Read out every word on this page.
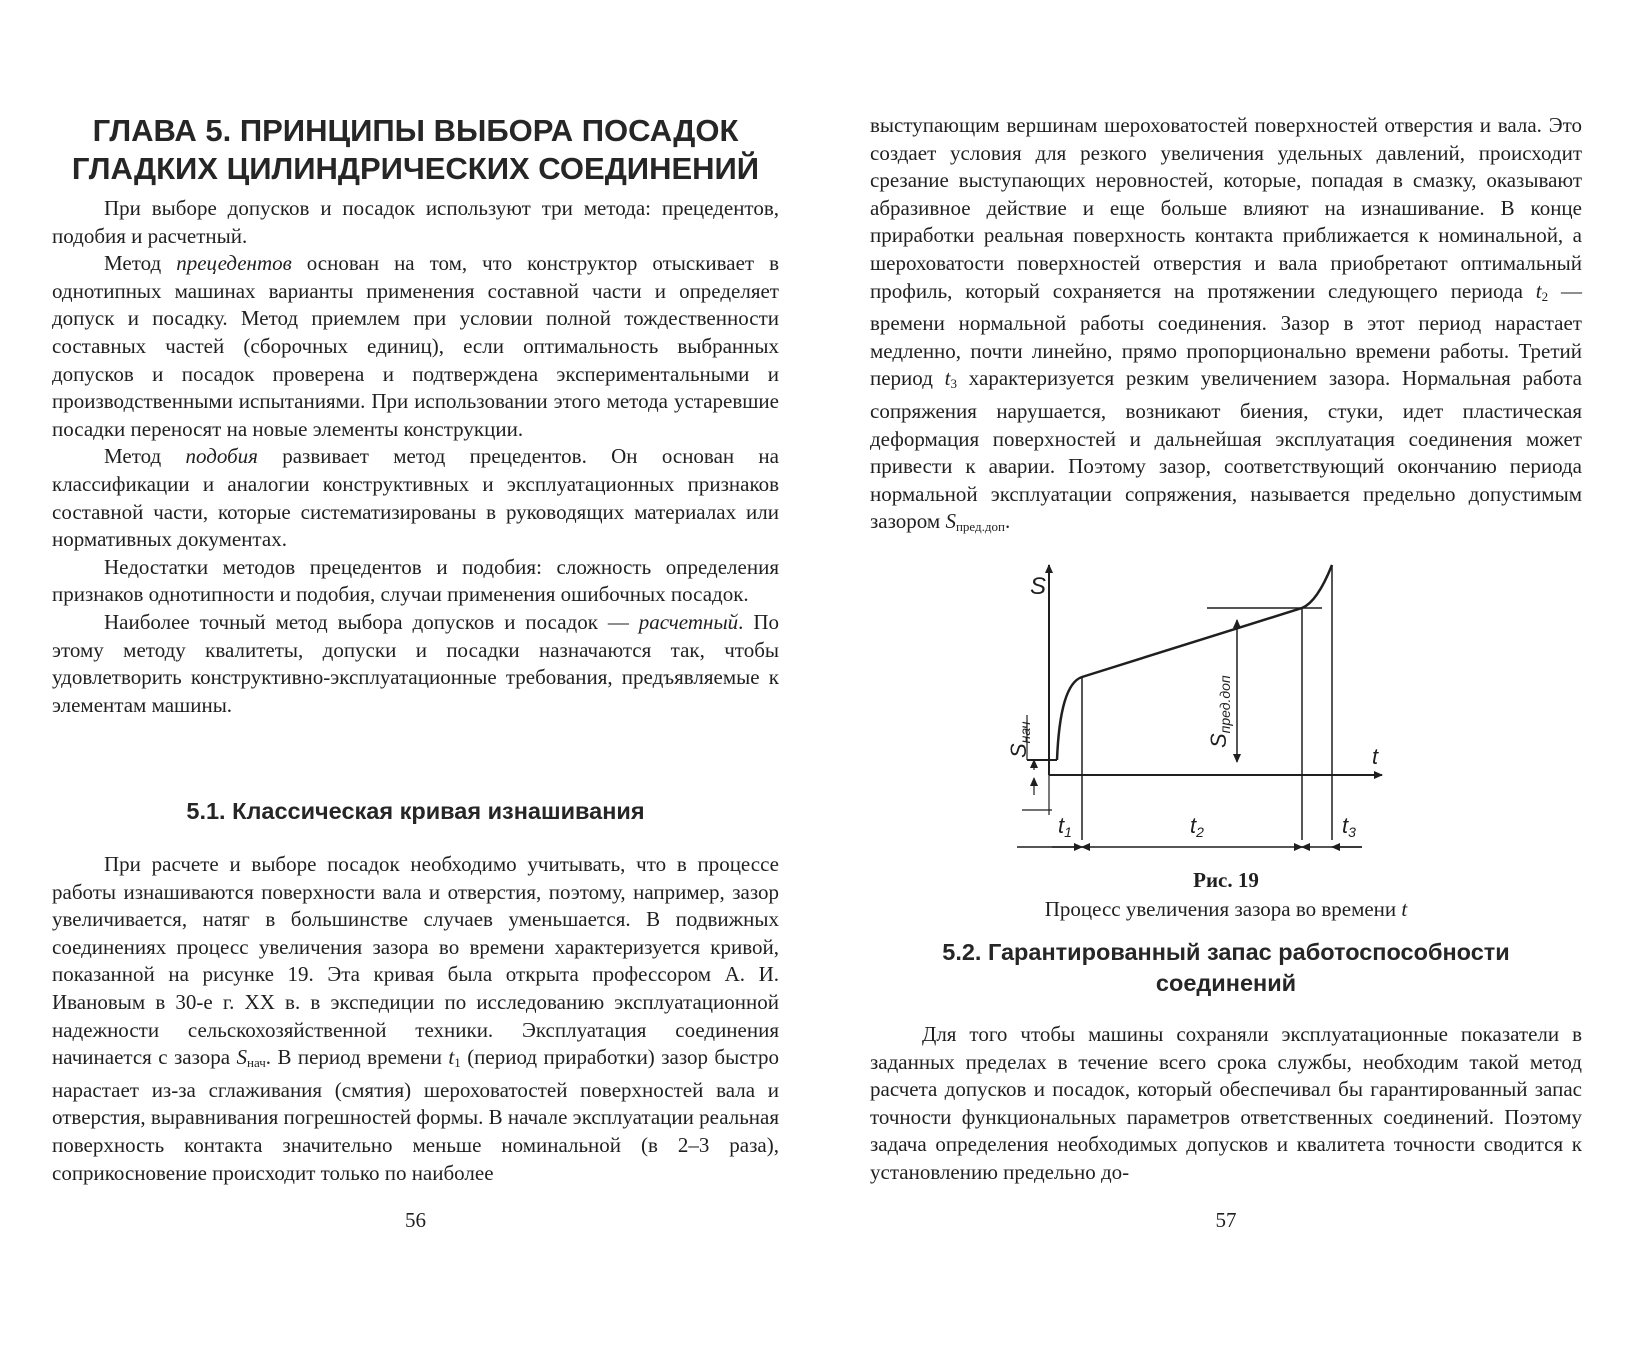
ГЛАВА 5. ПРИНЦИПЫ ВЫБОРА ПОСАДОК
ГЛАДКИХ ЦИЛИНДРИЧЕСКИХ СОЕДИНЕНИЙ

При выборе допусков и посадок используют три метода: прецедентов, подобия и расчетный.

Метод прецедентов основан на том, что конструктор отыскивает в однотипных машинах варианты применения составной части и определяет допуск и посадку. Метод приемлем при условии полной тождественности составных частей (сборочных единиц), если оптимальность выбранных допусков и посадок проверена и подтверждена экспериментальными и производственными испытаниями. При использовании этого метода устаревшие посадки переносят на новые элементы конструкции.

Метод подобия развивает метод прецедентов. Он основан на классификации и аналогии конструктивных и эксплуатационных признаков составной части, которые систематизированы в руководящих материалах или нормативных документах.

Недостатки методов прецедентов и подобия: сложность определения признаков однотипности и подобия, случаи применения ошибочных посадок.

Наиболее точный метод выбора допусков и посадок — расчетный. По этому методу квалитеты, допуски и посадки назначаются так, чтобы удовлетворить конструктивно-эксплуатационные требования, предъявляемые к элементам машины.

5.1. Классическая кривая изнашивания

При расчете и выборе посадок необходимо учитывать, что в процессе работы изнашиваются поверхности вала и отверстия, поэтому, например, зазор увеличивается, натяг в большинстве случаев уменьшается. В подвижных соединениях процесс увеличения зазора во времени характеризуется кривой, показанной на рисунке 19. Эта кривая была открыта профессором А. И. Ивановым в 30-е г. XX в. в экспедиции по исследованию эксплуатационной надежности сельскохозяйственной техники. Эксплуатация соединения начинается с зазора $S_{нач}$. В период времени $t_1$ (период приработки) зазор быстро нарастает из-за сглаживания (смятия) шероховатостей поверхностей вала и отверстия, выравнивания погрешностей формы. В начале эксплуатации реальная поверхность контакта значительно меньше номинальной (в 2–3 раза), соприкосновение происходит только по наиболее

56

выступающим вершинам шероховатостей поверхностей отверстия и вала. Это создает условия для резкого увеличения удельных давлений, происходит срезание выступающих неровностей, которые, попадая в смазку, оказывают абразивное действие и еще больше влияют на изнашивание. В конце приработки реальная поверхность контакта приближается к номинальной, а шероховатости поверхностей отверстия и вала приобретают оптимальный профиль, который сохраняется на протяжении следующего периода $t_2$ — времени нормальной работы соединения. Зазор в этот период нарастает медленно, почти линейно, прямо пропорционально времени работы. Третий период $t_3$ характеризуется резким увеличением зазора. Нормальная работа сопряжения нарушается, возникают биения, стуки, идет пластическая деформация поверхностей и дальнейшая эксплуатация соединения может привести к аварии. Поэтому зазор, соответствующий окончанию периода нормальной эксплуатации сопряжения, называется предельно допустимым зазором $S_{пред.доп}$.

S
t
Sнач	Sпред.доп
t1	t2	t3
Рис. 19
Процесс увеличения зазора во времени t
5.2. Гарантированный запас работоспособности
соединений

Для того чтобы машины сохраняли эксплуатационные показатели в заданных пределах в течение всего срока службы, необходим такой метод расчета допусков и посадок, который обеспечивал бы гарантированный запас точности функциональных параметров ответственных соединений. Поэтому задача определения необходимых допусков и квалитета точности сводится к установлению предельно до-

57
